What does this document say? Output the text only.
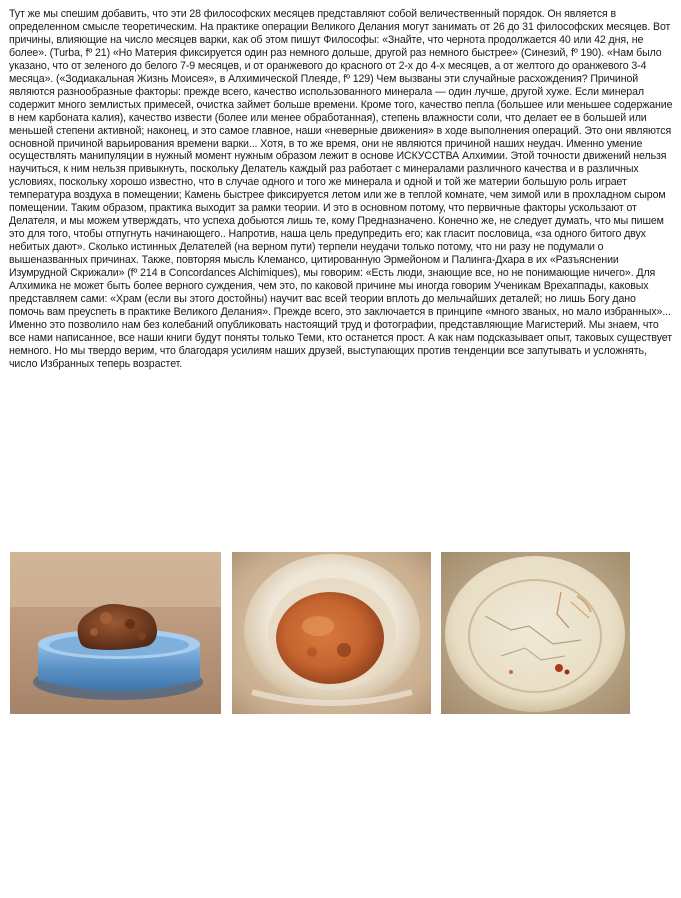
Тут же мы спешим добавить, что эти 28 философских месяцев представляют собой величественный порядок. Он является в определенном смысле теоретическим. На практике операции Великого Делания могут занимать от 26 до 31 философских месяцев. Вот причины, влияющие на число месяцев варки, как об этом пишут Философы: «Знайте, что чернота продолжается 40 или 42 дня, не более». (Turba, fº 21) «Но Материя фиксируется один раз немного дольше, другой раз немного быстрее» (Синезий, fº 190). «Нам было указано, что от зеленого до белого 7-9 месяцев, и от оранжевого до красного от 2-х до 4-х месяцев, а от желтого до оранжевого 3-4 месяца». («Зодиакальная Жизнь Моисея», в Алхимической Плеяде, fº 129) Чем вызваны эти случайные расхождения? Причиной являются разнообразные факторы: прежде всего, качество использованного минерала — один лучше, другой хуже. Если минерал содержит много землистых примесей, очистка займет больше времени. Кроме того, качество пепла (большее или меньшее содержание в нем карбоната калия), качество извести (более или менее обработанная), степень влажности соли, что делает ее в большей или меньшей степени активной; наконец, и это самое главное, наши «неверные движения» в ходе выполнения операций. Это они являются основной причиной варьирования времени варки... Хотя, в то же время, они не являются причиной наших неудач. Именно умение осуществлять манипуляции в нужный момент нужным образом лежит в основе ИСКУССТВА Алхимии. Этой точности движений нельзя научиться, к ним нельзя привыкнуть, поскольку Делатель каждый раз работает с минералами различного качества и в различных условиях, поскольку хорошо известно, что в случае одного и того же минерала и одной и той же материи большую роль играет температура воздуха в помещении; Камень быстрее фиксируется летом или же в теплой комнате, чем зимой или в прохладном сыром помещении. Таким образом, практика выходит за рамки теории. И это в основном потому, что первичные факторы ускользают от Делателя, и мы можем утверждать, что успеха добьются лишь те, кому Предназначено. Конечно же, не следует думать, что мы пишем это для того, чтобы отпугнуть начинающего.. Напротив, наша цель предупредить его; как гласит пословица, «за одного битого двух небитых дают». Сколько истинных Делателей (на верном пути) терпели неудачи только потому, что ни разу не подумали о вышеназванных причинах. Также, повторяя мысль Клемансо, цитированную Эрмейоном и Палинга-Дхара в их «Разъяснении Изумрудной Скрижали» (fº 214 в Concordances Alchimiques), мы говорим: «Есть люди, знающие все, но не понимающие ничего». Для Алхимика не может быть более верного суждения, чем это, по каковой причине мы иногда говорим Ученикам Врехаппады, каковых представляем сами: «Храм (если вы этого достойны) научит вас всей теории вплоть до мельчайших деталей; но лишь Богу дано помочь вам преуспеть в практике Великого Делания». Прежде всего, это заключается в принципе «много званых, но мало избранных»... Именно это позволило нам без колебаний опубликовать настоящий труд и фотографии, представляющие Магистерий. Мы знаем, что все нами написанное, все наши книги будут поняты только Теми, кто останется прост. А как нам подсказывает опыт, таковых существует немного. Но мы твердо верим, что благодаря усилиям наших друзей, выступающих против тенденции все запутывать и усложнять, число Избранных теперь возрастет.
